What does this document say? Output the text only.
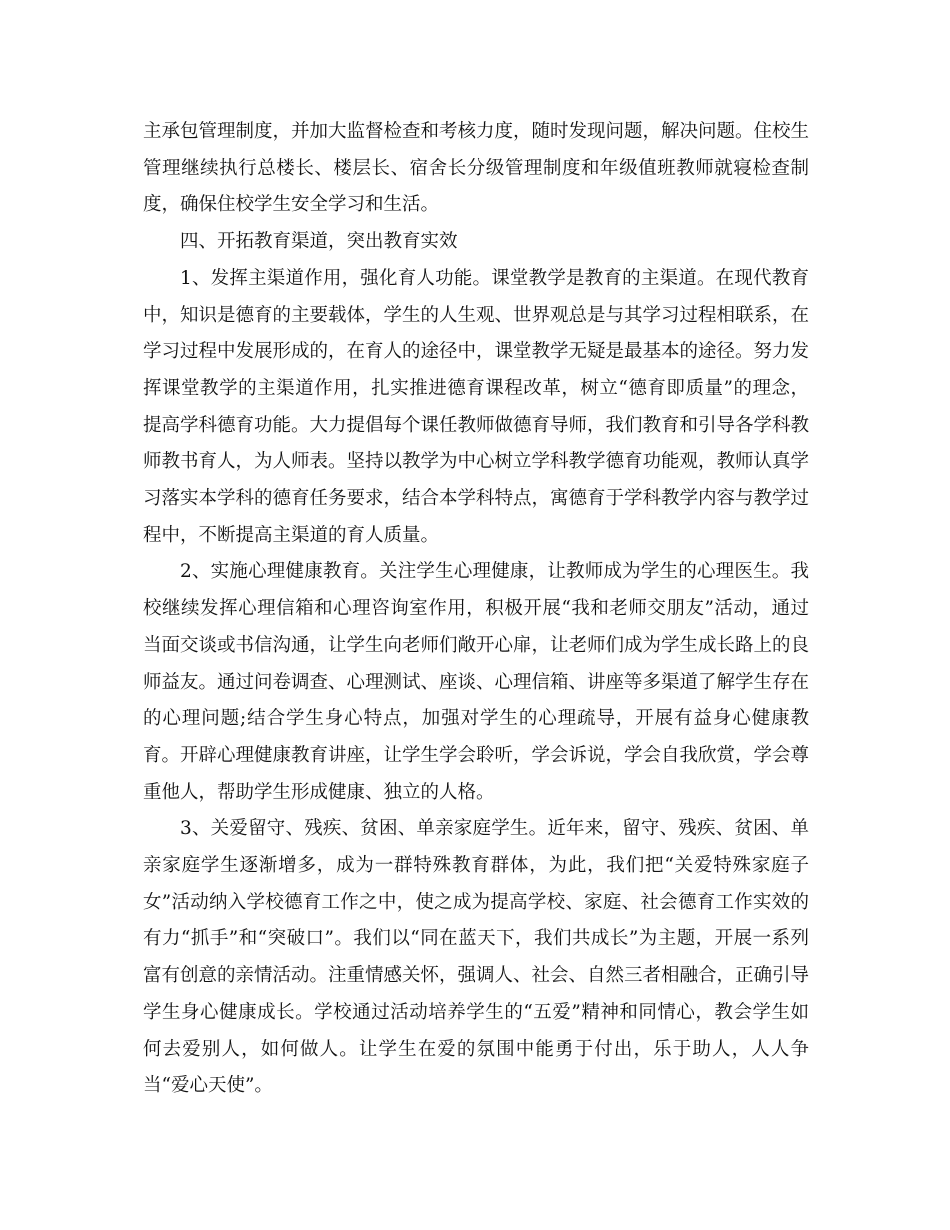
主承包管理制度，并加大监督检查和考核力度，随时发现问题，解决问题。住校生管理继续执行总楼长、楼层长、宿舍长分级管理制度和年级值班教师就寝检查制度，确保住校学生安全学习和生活。

四、开拓教育渠道，突出教育实效

1、发挥主渠道作用，强化育人功能。课堂教学是教育的主渠道。在现代教育中，知识是德育的主要载体，学生的人生观、世界观总是与其学习过程相联系，在学习过程中发展形成的，在育人的途径中，课堂教学无疑是最基本的途径。努力发挥课堂教学的主渠道作用，扎实推进德育课程改革，树立“德育即质量”的理念，提高学科德育功能。大力提倡每个课任教师做德育导师，我们教育和引导各学科教师教书育人，为人师表。坚持以教学为中心树立学科教学德育功能观，教师认真学习落实本学科的德育任务要求，结合本学科特点，寓德育于学科教学内容与教学过程中，不断提高主渠道的育人质量。

2、实施心理健康教育。关注学生心理健康，让教师成为学生的心理医生。我校继续发挥心理信箱和心理咨询室作用，积极开展“我和老师交朋友”活动，通过当面交谈或书信沟通，让学生向老师们敞开心扉，让老师们成为学生成长路上的良师益友。通过问卷调查、心理测试、座谈、心理信箱、讲座等多渠道了解学生存在的心理问题;结合学生身心特点，加强对学生的心理疏导，开展有益身心健康教育。开辟心理健康教育讲座，让学生学会聆听，学会诉说，学会自我欣赏，学会尊重他人，帮助学生形成健康、独立的人格。

3、关爱留守、残疾、贫困、单亲家庭学生。近年来，留守、残疾、贫困、单亲家庭学生逐渐增多，成为一群特殊教育群体，为此，我们把“关爱特殊家庭子女”活动纳入学校德育工作之中，使之成为提高学校、家庭、社会德育工作实效的有力“抓手”和“突破口”。我们以“同在蓝天下，我们共成长”为主题，开展一系列富有创意的亲情活动。注重情感关怀，强调人、社会、自然三者相融合，正确引导学生身心健康成长。学校通过活动培养学生的“五爱”精神和同情心，教会学生如何去爱别人，如何做人。让学生在爱的氛围中能勇于付出，乐于助人，人人争当“爱心天使”。
